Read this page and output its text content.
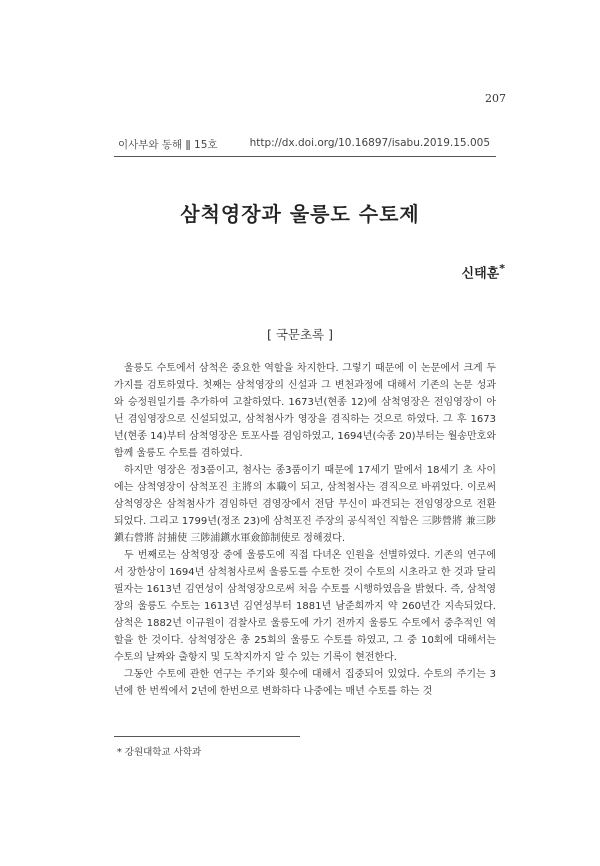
207
이사부와 동해 ǁ 15호	http://dx.doi.org/10.16897/isabu.2019.15.005
삼척영장과 울릉도 수토제
신태훈*
[ 국문초록 ]

울릉도 수토에서 삼척은 중요한 역할을 차지한다. 그렇기 때문에 이 논문에서 크게 두 가지를 검토하였다. 첫째는 삼척영장의 신설과 그 변천과정에 대해서 기존의 논문 성과와 승정원일기를 추가하여 고찰하였다. 1673년(현종 12)에 삼척영장은 전임영장이 아닌 겸임영장으로 신설되었고, 삼척첨사가 영장을 겸직하는 것으로 하였다. 그 후 1673년(현종 14)부터 삼척영장은 토포사를 겸임하였고, 1694년(숙종 20)부터는 월송만호와 함께 울릉도 수토를 겸하였다.

하지만 영장은 정3품이고, 첨사는 종3품이기 때문에 17세기 말에서 18세기 초 사이에는 삼척영장이 삼척포진 主將의 本職이 되고, 삼척첨사는 겸직으로 바뀌었다. 이로써 삼척영장은 삼척첨사가 겸임하던 겸영장에서 전담 무신이 파견되는 전임영장으로 전환되었다. 그리고 1799년(정조 23)에 삼척포진 주장의 공식적인 직함은 三陟營將 兼三陟鎭右營將 討捕使 三陟浦鎭水軍僉節制使로 정해졌다.

두 번째로는 삼척영장 중에 울릉도에 직접 다녀온 인원을 선별하였다. 기존의 연구에서 장한상이 1694년 삼척첨사로써 울릉도를 수토한 것이 수토의 시초라고 한 것과 달리 필자는 1613년 김연성이 삼척영장으로써 처음 수토를 시행하였음을 밝혔다. 즉, 삼척영장의 울릉도 수토는 1613년 김연성부터 1881년 남준희까지 약 260년간 지속되었다. 삼척은 1882년 이규원이 검찰사로 울릉도에 가기 전까지 울릉도 수토에서 중추적인 역할을 한 것이다. 삼척영장은 총 25회의 울릉도 수토를 하였고, 그 중 10회에 대해서는 수토의 날짜와 출항지 및 도착지까지 알 수 있는 기록이 현전한다.

그동안 수토에 관한 연구는 주기와 횟수에 대해서 집중되어 있었다. 수토의 주기는 3년에 한 번씩에서 2년에 한번으로 변화하다 나중에는 매년 수토를 하는 것

* 강원대학교 사학과
